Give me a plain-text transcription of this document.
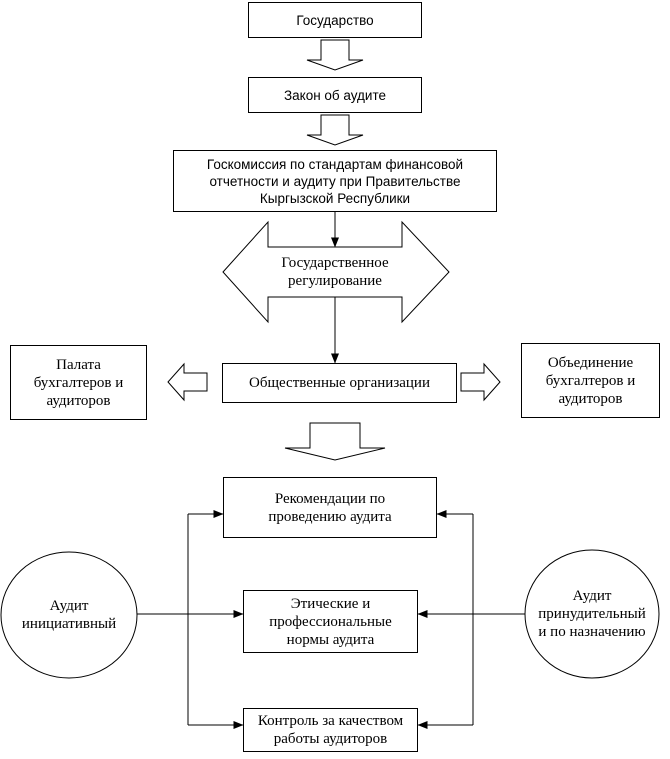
Государство
Закон об аудите
Госкомиссия по стандартам финансовой
отчетности и аудиту при Правительстве
Кыргызской Республики
Государственное
регулирование
Общественные организации
Палата
бухгалтеров и
аудиторов
Объединение
бухгалтеров и
аудиторов
Рекомендации по
проведению аудита
Этические и
профессиональные
нормы аудита
Контроль за качеством
работы аудиторов
Аудит
инициативный
Аудит
принудительный
и по назначению
